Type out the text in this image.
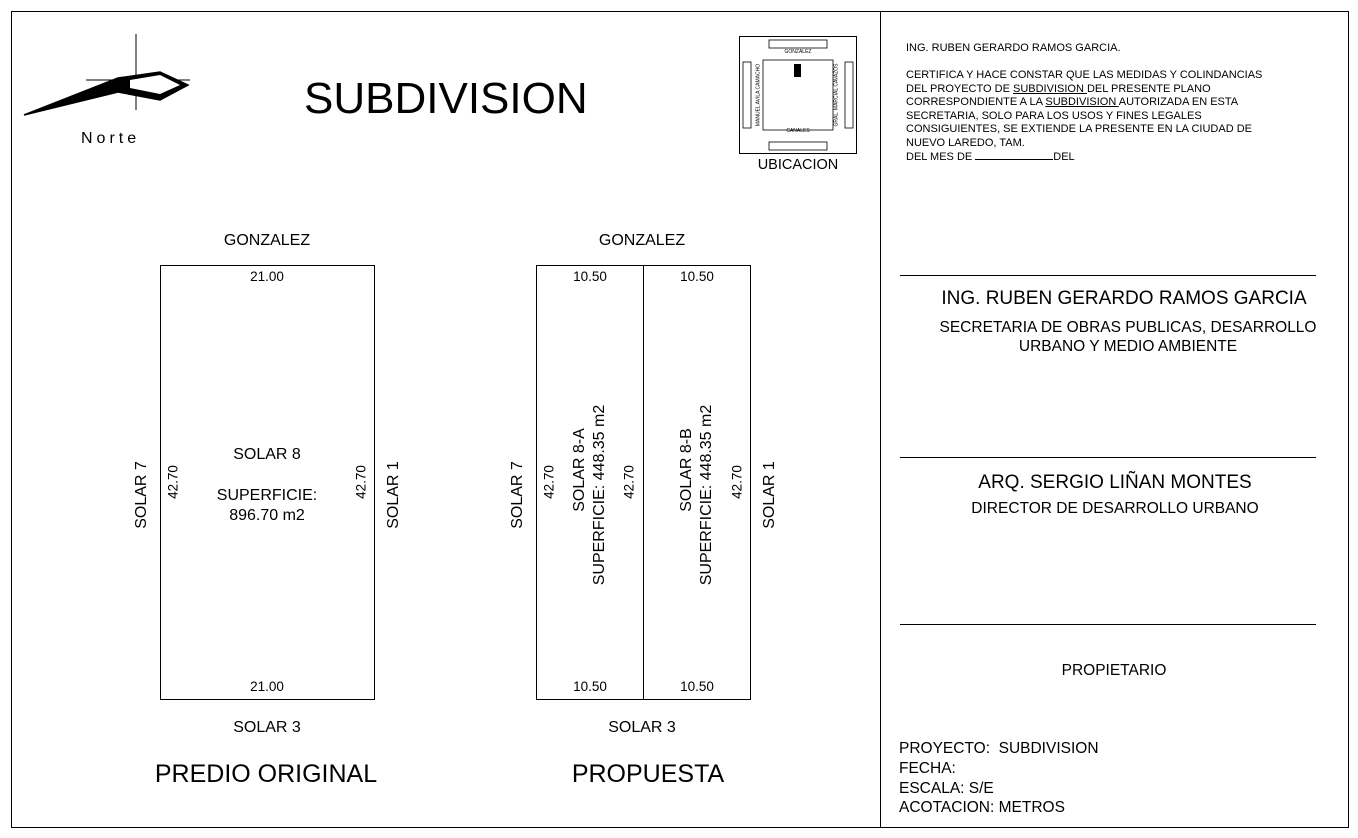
Norte
SUBDIVISION
GONZALEZ
CANALES
MANUEL AVILA CAMACHO	GRAL. MARCIAL CAVAZOS
UBICACION
GONZALEZ
21.00
21.00
42.70	42.70
SOLAR 8
SUPERFICIE:
896.70 m2
SOLAR 7	SOLAR 1
SOLAR 3
PREDIO ORIGINAL
GONZALEZ
10.50
10.50
42.70 SOLAR 8-A SUPERFICIE: 448.35 m2
10.50
10.50
42.70	42.70
SOLAR 8-B SUPERFICIE: 448.35 m2
SOLAR 7	SOLAR 1
SOLAR 3
PROPUESTA
ING. RUBEN GERARDO RAMOS GARCIA.

CERTIFICA Y HACE CONSTAR QUE LAS MEDIDAS Y COLINDANCIAS
DEL PROYECTO DE SUBDIVISION DEL PRESENTE PLANO
CORRESPONDIENTE A LA SUBDIVISION AUTORIZADA EN ESTA
SECRETARIA, SOLO PARA LOS USOS Y FINES LEGALES
CONSIGUIENTES, SE EXTIENDE LA PRESENTE EN LA CIUDAD DE
NUEVO LAREDO, TAM.
DEL MES DE	DEL
ING. RUBEN GERARDO RAMOS GARCIA
SECRETARIA DE OBRAS PUBLICAS, DESARROLLO
URBANO Y MEDIO AMBIENTE
ARQ. SERGIO LIÑAN MONTES
DIRECTOR DE DESARROLLO URBANO
PROPIETARIO
PROYECTO:  SUBDIVISION
FECHA:
ESCALA: S/E
ACOTACION: METROS
